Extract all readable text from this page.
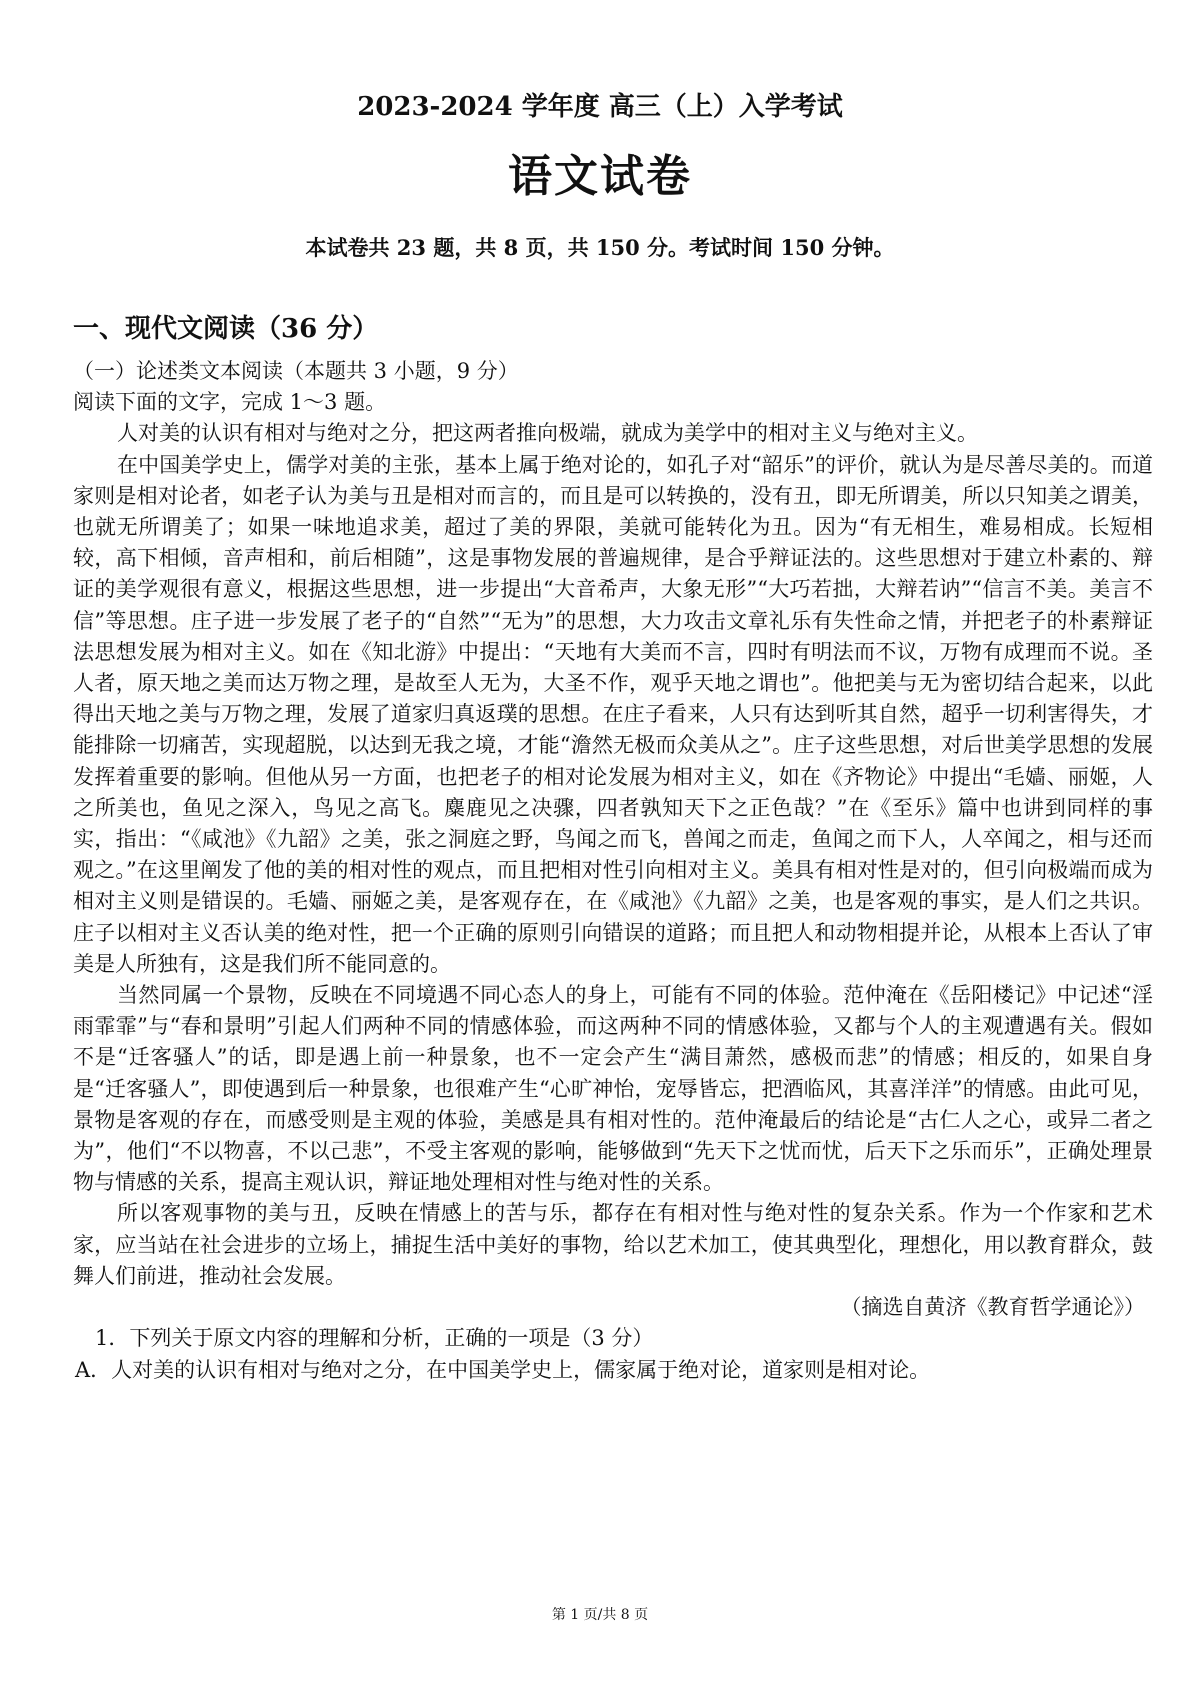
2023-2024 学年度 高三（上）入学考试
语文试卷
本试卷共 23 题，共 8 页，共 150 分。考试时间 150 分钟。
一、现代文阅读（36 分）

（一）论述类文本阅读（本题共 3 小题，9 分）

阅读下面的文字，完成 1～3 题。

人对美的认识有相对与绝对之分，把这两者推向极端，就成为美学中的相对主义与绝对主义。

在中国美学史上，儒学对美的主张，基本上属于绝对论的，如孔子对“韶乐”的评价，就认为是尽善尽美的。而道家则是相对论者，如老子认为美与丑是相对而言的，而且是可以转换的，没有丑，即无所谓美，所以只知美之谓美，也就无所谓美了；如果一味地追求美，超过了美的界限，美就可能转化为丑。因为“有无相生，难易相成。长短相较，高下相倾，音声相和，前后相随”，这是事物发展的普遍规律，是合乎辩证法的。这些思想对于建立朴素的、辩证的美学观很有意义，根据这些思想，进一步提出“大音希声，大象无形”“大巧若拙，大辩若讷”“信言不美。美言不信”等思想。庄子进一步发展了老子的“自然”“无为”的思想，大力攻击文章礼乐有失性命之情，并把老子的朴素辩证法思想发展为相对主义。如在《知北游》中提出：“天地有大美而不言，四时有明法而不议，万物有成理而不说。圣人者，原天地之美而达万物之理，是故至人无为，大圣不作，观乎天地之谓也”。他把美与无为密切结合起来，以此得出天地之美与万物之理，发展了道家归真返璞的思想。在庄子看来，人只有达到听其自然，超乎一切利害得失，才能排除一切痛苦，实现超脱，以达到无我之境，才能“澹然无极而众美从之”。庄子这些思想，对后世美学思想的发展发挥着重要的影响。但他从另一方面，也把老子的相对论发展为相对主义，如在《齐物论》中提出“毛嫱、丽姬，人之所美也，鱼见之深入，鸟见之高飞。麋鹿见之决骤，四者孰知天下之正色哉？”在《至乐》篇中也讲到同样的事实，指出：“《咸池》《九韶》之美，张之洞庭之野，鸟闻之而飞，兽闻之而走，鱼闻之而下人，人卒闻之，相与还而观之。”在这里阐发了他的美的相对性的观点，而且把相对性引向相对主义。美具有相对性是对的，但引向极端而成为相对主义则是错误的。毛嫱、丽姬之美，是客观存在，在《咸池》《九韶》之美，也是客观的事实，是人们之共识。庄子以相对主义否认美的绝对性，把一个正确的原则引向错误的道路；而且把人和动物相提并论，从根本上否认了审美是人所独有，这是我们所不能同意的。

当然同属一个景物，反映在不同境遇不同心态人的身上，可能有不同的体验。范仲淹在《岳阳楼记》中记述“淫雨霏霏”与“春和景明”引起人们两种不同的情感体验，而这两种不同的情感体验，又都与个人的主观遭遇有关。假如不是“迁客骚人”的话，即是遇上前一种景象，也不一定会产生“满目萧然，感极而悲”的情感；相反的，如果自身是“迁客骚人”，即使遇到后一种景象，也很难产生“心旷神怡，宠辱皆忘，把酒临风，其喜洋洋”的情感。由此可见，景物是客观的存在，而感受则是主观的体验，美感是具有相对性的。范仲淹最后的结论是“古仁人之心，或异二者之为”，他们“不以物喜，不以己悲”，不受主客观的影响，能够做到“先天下之忧而忧，后天下之乐而乐”，正确处理景物与情感的关系，提高主观认识，辩证地处理相对性与绝对性的关系。

所以客观事物的美与丑，反映在情感上的苦与乐，都存在有相对性与绝对性的复杂关系。作为一个作家和艺术家，应当站在社会进步的立场上，捕捉生活中美好的事物，给以艺术加工，使其典型化，理想化，用以教育群众，鼓舞人们前进，推动社会发展。

（摘选自黄济《教育哲学通论》）

1．下列关于原文内容的理解和分析，正确的一项是（3 分）

A．人对美的认识有相对与绝对之分，在中国美学史上，儒家属于绝对论，道家则是相对论。

第 1 页/共 8 页
